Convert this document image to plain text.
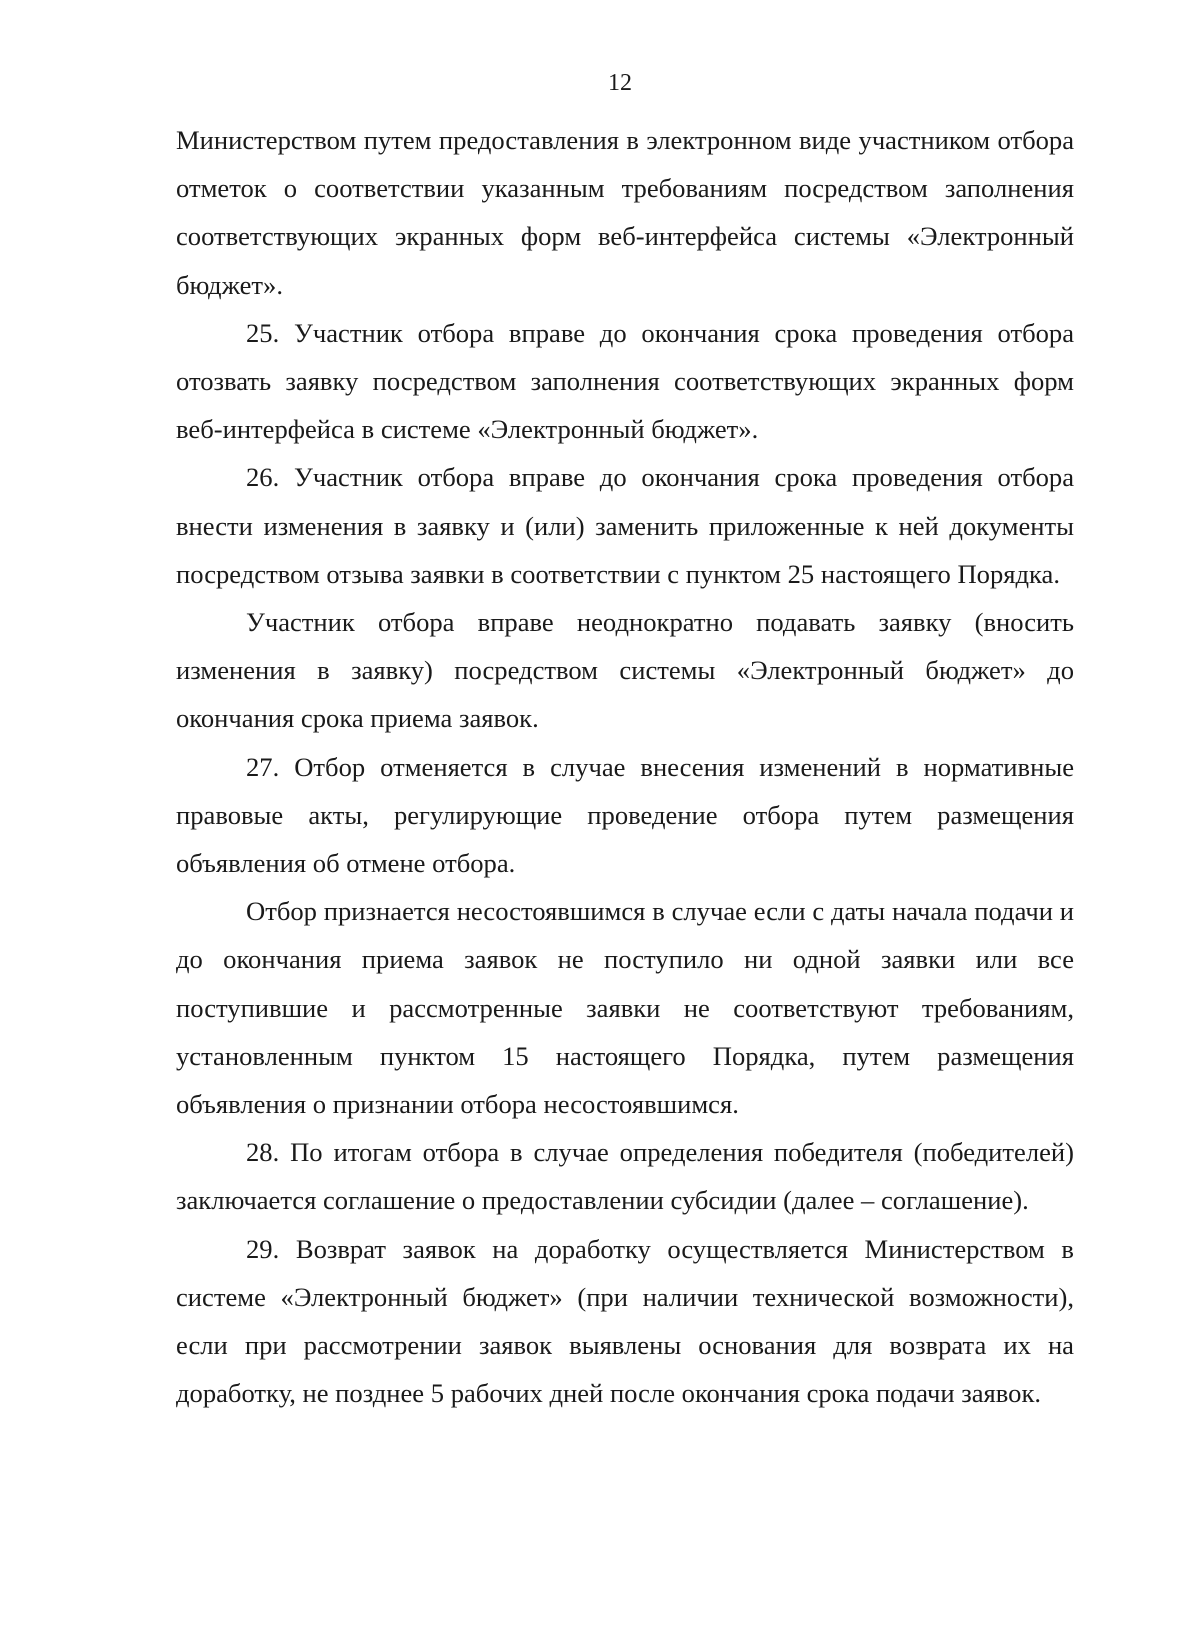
12

Министерством путем предоставления в электронном виде участником отбора отметок о соответствии указанным требованиям посредством заполнения соответствующих экранных форм веб-интерфейса системы «Электронный бюджет».

25. Участник отбора вправе до окончания срока проведения отбора отозвать заявку посредством заполнения соответствующих экранных форм веб-интерфейса в системе «Электронный бюджет».

26. Участник отбора вправе до окончания срока проведения отбора внести изменения в заявку и (или) заменить приложенные к ней документы посредством отзыва заявки в соответствии с пунктом 25 настоящего Порядка.

Участник отбора вправе неоднократно подавать заявку (вносить изменения в заявку) посредством системы «Электронный бюджет» до окончания срока приема заявок.

27. Отбор отменяется в случае внесения изменений в нормативные правовые акты, регулирующие проведение отбора путем размещения объявления об отмене отбора.

Отбор признается несостоявшимся в случае если с даты начала подачи и до окончания приема заявок не поступило ни одной заявки или все поступившие и рассмотренные заявки не соответствуют требованиям, установленным пунктом 15 настоящего Порядка, путем размещения объявления о признании отбора несостоявшимся.

28. По итогам отбора в случае определения победителя (победителей) заключается соглашение о предоставлении субсидии (далее – соглашение).

29. Возврат заявок на доработку осуществляется Министерством в системе «Электронный бюджет» (при наличии технической возможности), если при рассмотрении заявок выявлены основания для возврата их на доработку, не позднее 5 рабочих дней после окончания срока подачи заявок.
